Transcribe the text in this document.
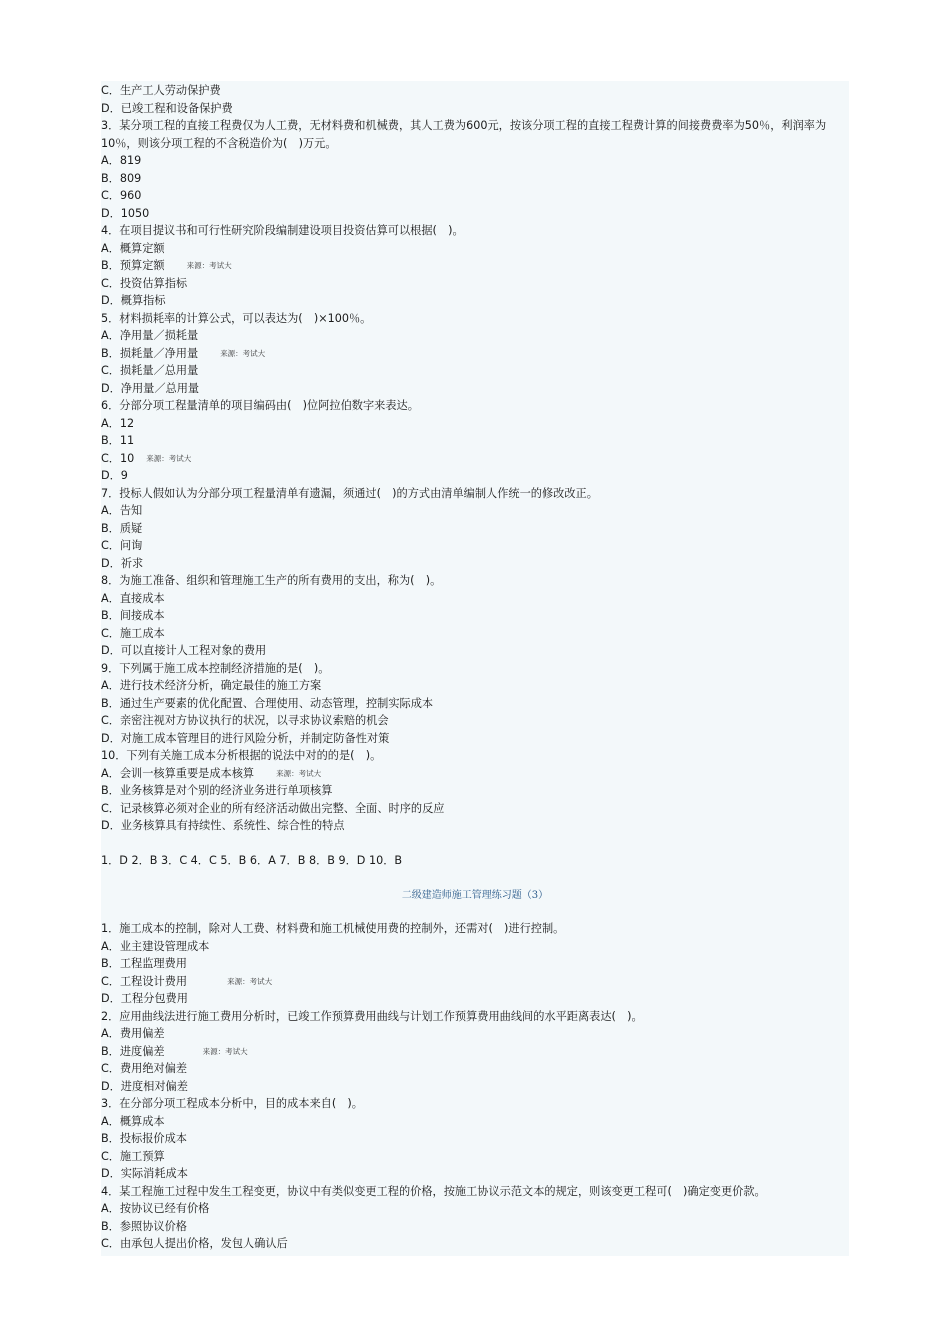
C．生产工人劳动保护费
D．已竣工程和设备保护费
3．某分项工程的直接工程费仅为人工费，无材料费和机械费，其人工费为600元，按该分项工程的直接工程费计算的间接费费率为50％，利润率为10％，则该分项工程的不含税造价为(　)万元。
A．819
B．809
C．960
D．1050
4．在项目提议书和可行性研究阶段编制建设项目投资估算可以根据(　)。
A．概算定额
B．预算定额	来源：考试大
C．投资估算指标
D．概算指标
5．材料损耗率的计算公式，可以表达为(　)×100％。
A．净用量／损耗量
B．损耗量／净用量	来源：考试大
C．损耗量／总用量
D．净用量／总用量
6．分部分项工程量清单的项目编码由(　)位阿拉伯数字来表达。
A．12
B．11
C．10 来源：考试大
D．9
7．投标人假如认为分部分项工程量清单有遗漏，须通过(　)的方式由清单编制人作统一的修改改正。
A．告知
B．质疑
C．问询
D．祈求
8．为施工准备、组织和管理施工生产的所有费用的支出，称为(　)。
A．直接成本
B．间接成本
C．施工成本
D．可以直接计人工程对象的费用
9．下列属于施工成本控制经济措施的是(　)。
A．进行技术经济分析，确定最佳的施工方案
B．通过生产要素的优化配置、合理使用、动态管理，控制实际成本
C．亲密注视对方协议执行的状况，以寻求协议索赔的机会
D．对施工成本管理目的进行风险分析，并制定防备性对策
10．下列有关施工成本分析根据的说法中对的的是(　)。
A．会训一核算重要是成本核算	来源：考试大
B．业务核算是对个别的经济业务进行单项核算
C．记录核算必须对企业的所有经济活动做出完整、全面、时序的反应
D．业务核算具有持续性、系统性、综合性的特点
1．D 2．B 3．C 4．C 5．B 6．A 7．B 8．B 9．D 10．B
二级建造师施工管理练习题（3）
1．施工成本的控制，除对人工费、材料费和施工机械使用费的控制外，还需对(　)进行控制。
A．业主建设管理成本
B．工程监理费用
C．工程设计费用	来源：考试大
D．工程分包费用
2．应用曲线法进行施工费用分析时，已竣工作预算费用曲线与计划工作预算费用曲线间的水平距离表达(　)。
A．费用偏差
B．进度偏差	来源：考试大
C．费用绝对偏差
D．进度相对偏差
3．在分部分项工程成本分析中，目的成本来自(　)。
A．概算成本
B．投标报价成本
C．施工预算
D．实际消耗成本
4．某工程施工过程中发生工程变更，协议中有类似变更工程的价格，按施工协议示范文本的规定，则该变更工程可(　)确定变更价款。
A．按协议已经有价格
B．参照协议价格
C．由承包人提出价格，发包人确认后
